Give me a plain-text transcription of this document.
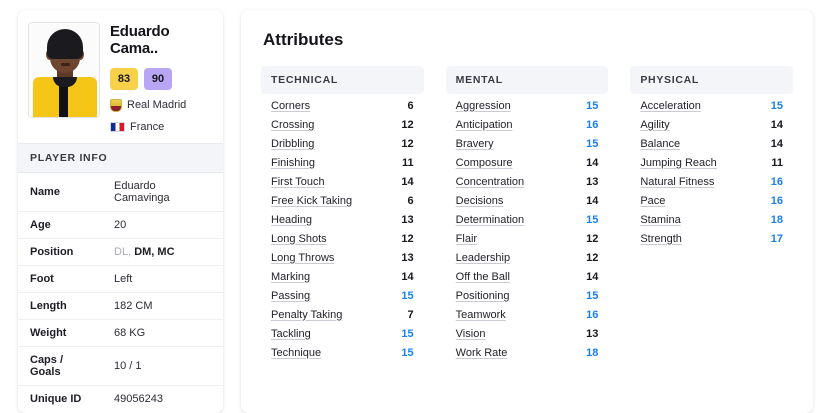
Eduardo Cama..
83	90
Real Madrid
France
PLAYER INFO
Name	Eduardo Camavinga
Age	20
Position	DL, DM, MC
Foot	Left
Length	182 CM
Weight	68 KG
Caps / Goals	10 / 1
Unique ID	49056243
Attributes
TECHNICAL
Corners	6
Crossing	12
Dribbling	12
Finishing	11
First Touch	14
Free Kick Taking	6
Heading	13
Long Shots	12
Long Throws	13
Marking	14
Passing	15
Penalty Taking	7
Tackling	15
Technique	15
MENTAL
Aggression	15
Anticipation	16
Bravery	15
Composure	14
Concentration	13
Decisions	14
Determination	15
Flair	12
Leadership	12
Off the Ball	14
Positioning	15
Teamwork	16
Vision	13
Work Rate	18
PHYSICAL
Acceleration	15
Agility	14
Balance	14
Jumping Reach	11
Natural Fitness	16
Pace	16
Stamina	18
Strength	17
